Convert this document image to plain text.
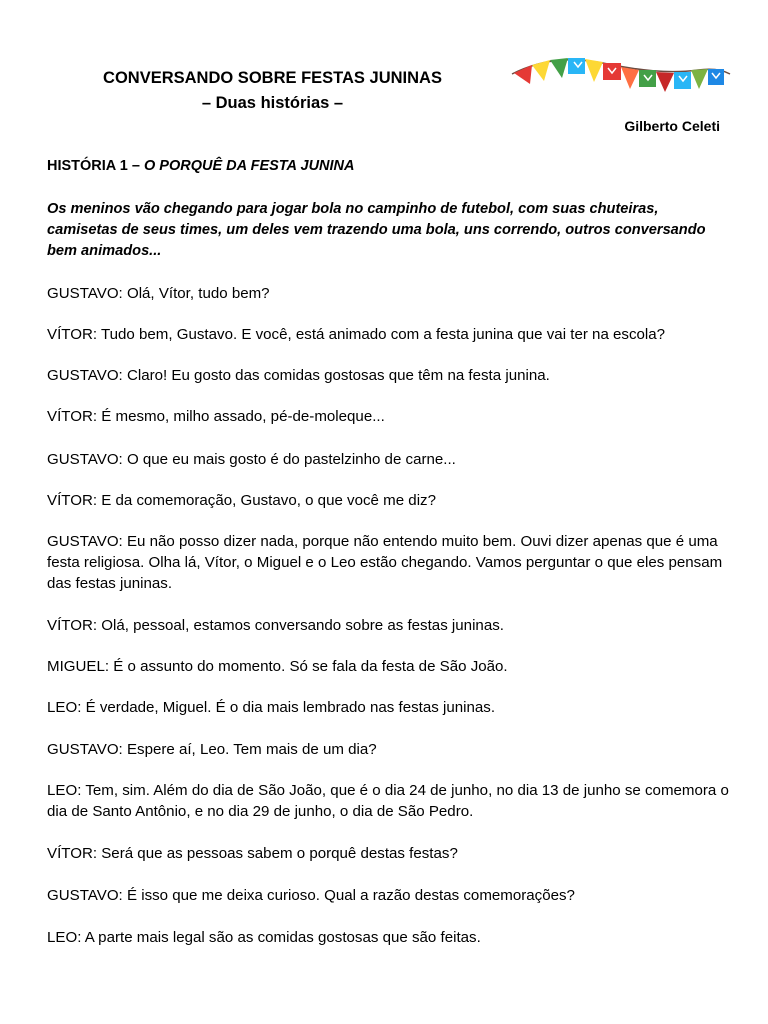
CONVERSANDO SOBRE FESTAS JUNINAS
– Duas histórias –
Gilberto Celeti
HISTÓRIA 1 – O PORQUÊ DA FESTA JUNINA
Os meninos vão chegando para jogar bola no campinho de futebol, com suas chuteiras, camisetas de seus times, um deles vem trazendo uma bola, uns correndo, outros conversando bem animados...

GUSTAVO: Olá, Vítor, tudo bem?

VÍTOR: Tudo bem, Gustavo. E você, está animado com a festa junina que vai ter na escola?

GUSTAVO: Claro! Eu gosto das comidas gostosas que têm na festa junina.

VÍTOR: É mesmo, milho assado, pé-de-moleque...

GUSTAVO: O que eu mais gosto é do pastelzinho de carne...

VÍTOR: E da comemoração, Gustavo, o que você me diz?

GUSTAVO: Eu não posso dizer nada, porque não entendo muito bem. Ouvi dizer apenas que é uma festa religiosa. Olha lá, Vítor, o Miguel e o Leo estão chegando. Vamos perguntar o que eles pensam das festas juninas.

VÍTOR: Olá, pessoal, estamos conversando sobre as festas juninas.

MIGUEL: É o assunto do momento. Só se fala da festa de São João.

LEO: É verdade, Miguel. É o dia mais lembrado nas festas juninas.

GUSTAVO: Espere aí, Leo. Tem mais de um dia?

LEO: Tem, sim. Além do dia de São João, que é o dia 24 de junho, no dia 13 de junho se comemora o dia de Santo Antônio, e no dia 29 de junho, o dia de São Pedro.

VÍTOR: Será que as pessoas sabem o porquê destas festas?

GUSTAVO: É isso que me deixa curioso. Qual a razão destas comemorações?

LEO: A parte mais legal são as comidas gostosas que são feitas.
